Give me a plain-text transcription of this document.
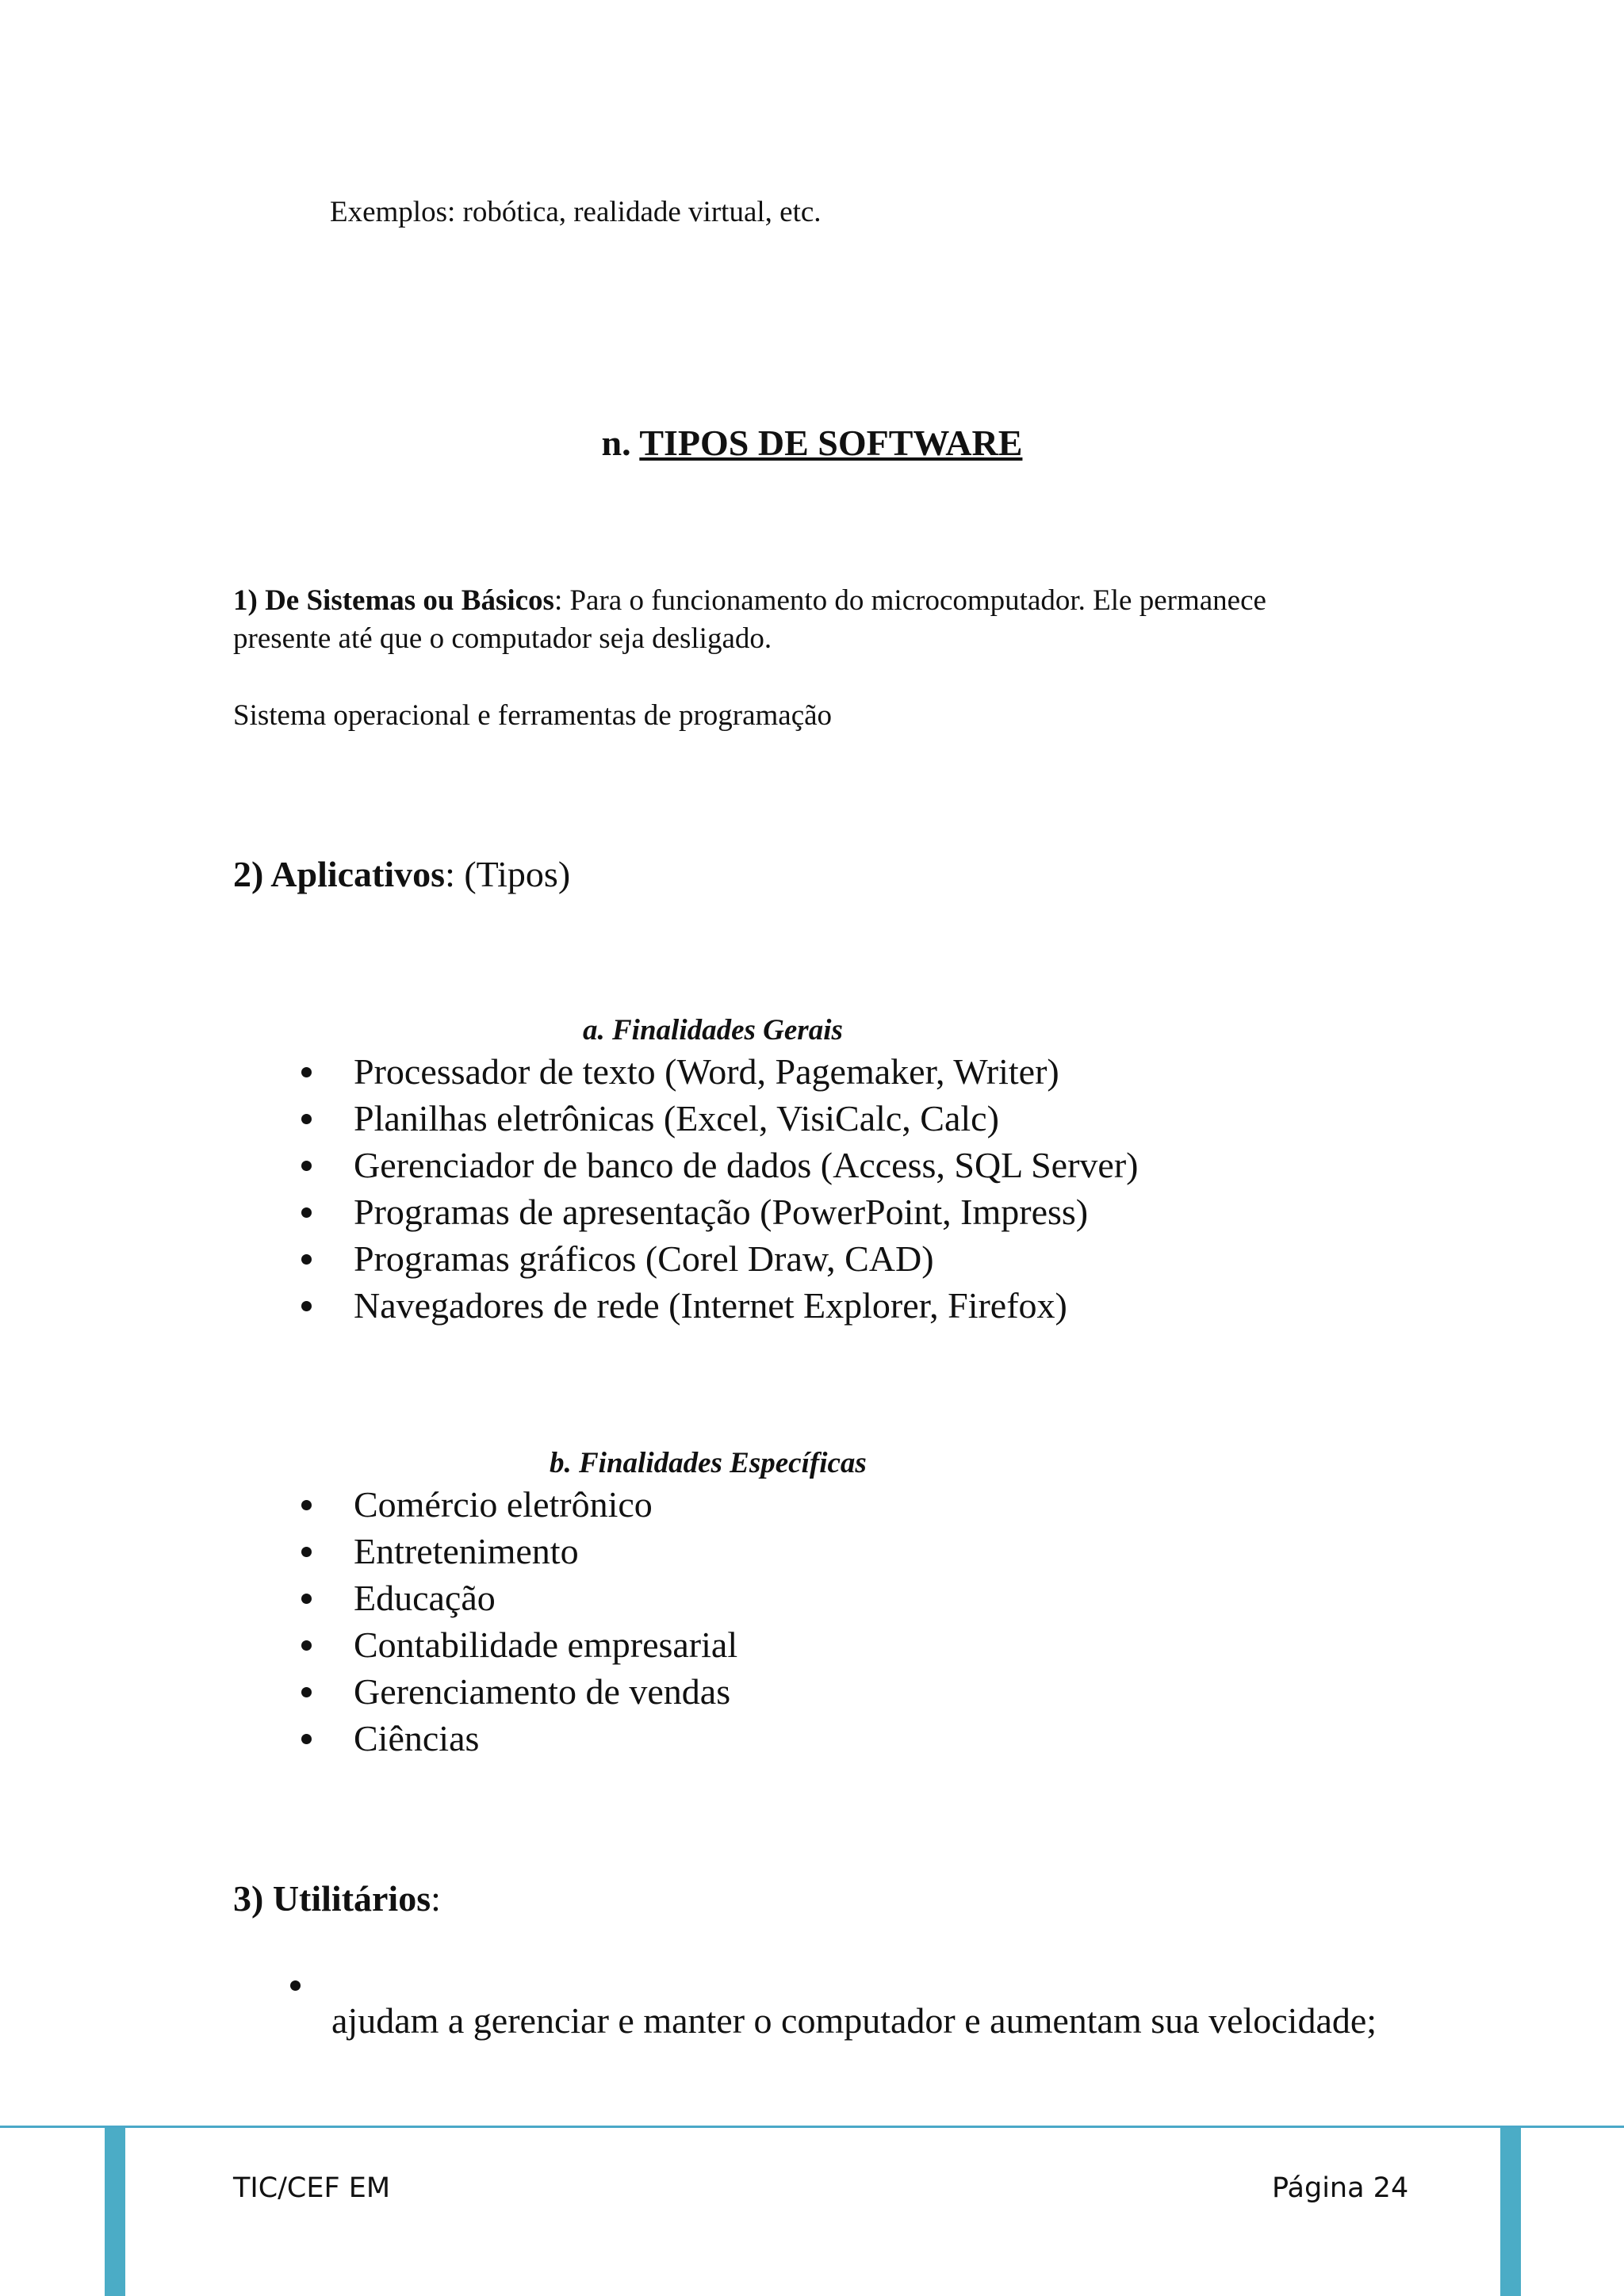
Exemplos: robótica, realidade virtual, etc.

n. TIPOS DE SOFTWARE

1) De Sistemas ou Básicos: Para o funcionamento do microcomputador. Ele permanece
presente até que o computador seja desligado.

Sistema operacional e ferramentas de programação

2) Aplicativos: (Tipos)

a. Finalidades Gerais

Processador de texto (Word, Pagemaker, Writer)
Planilhas eletrônicas (Excel, VisiCalc, Calc)
Gerenciador de banco de dados (Access, SQL Server)
Programas de apresentação (PowerPoint, Impress)
Programas gráficos (Corel Draw, CAD)
Navegadores de rede (Internet Explorer, Firefox)

b. Finalidades Específicas

Comércio eletrônico
Entretenimento
Educação
Contabilidade empresarial
Gerenciamento de vendas
Ciências

3) Utilitários:

ajudam a gerenciar e manter o computador e aumentam sua velocidade;

TIC/CEF EM	Página 24
